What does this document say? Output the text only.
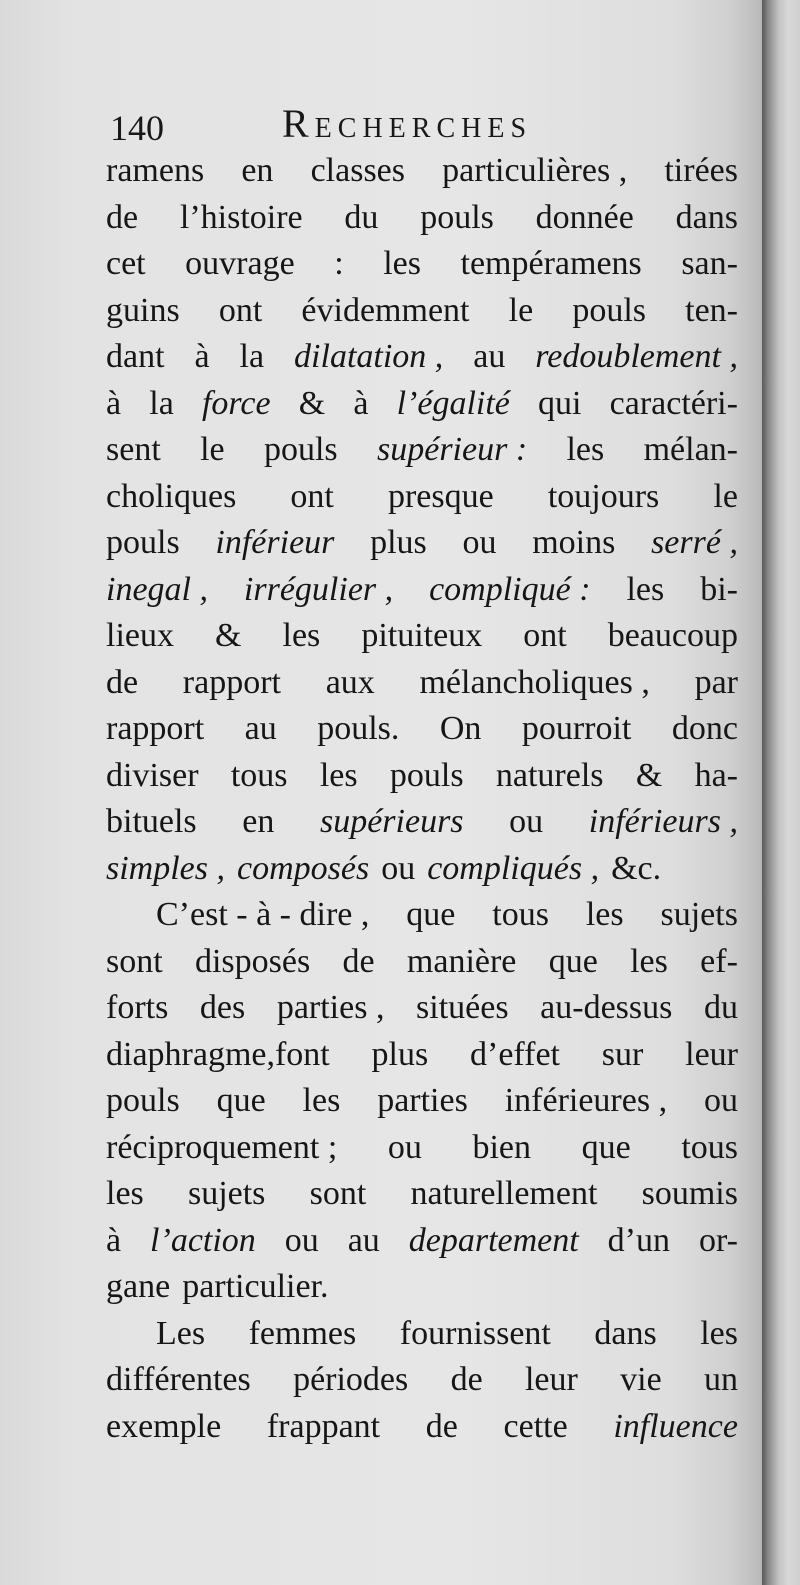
140	Recherches
ramens en classes particulières , tirées
de l’histoire du pouls donnée dans
cet ouvrage : les tempéramens san-
guins ont évidemment le pouls ten-
dant à la dilatation , au redoublement ,
à la force & à l’égalité qui caractéri-
sent le pouls supérieur : les mélan-
choliques ont presque toujours le
pouls inférieur plus ou moins serré ,
inegal , irrégulier , compliqué : les bi-
lieux & les pituiteux ont beaucoup
de rapport aux mélancholiques , par
rapport au pouls. On pourroit donc
diviser tous les pouls naturels & ha-
bituels en supérieurs ou inférieurs ,
simples , composés ou compliqués , &c.
C’est - à - dire , que tous les sujets
sont disposés de manière que les ef-
forts des parties , situées au-dessus du
diaphragme,font plus d’effet sur leur
pouls que les parties inférieures , ou
réciproquement ; ou bien que tous
les sujets sont naturellement soumis
à l’action ou au departement d’un or-
gane particulier.
Les femmes fournissent dans les
différentes périodes de leur vie un
exemple frappant de cette influence
